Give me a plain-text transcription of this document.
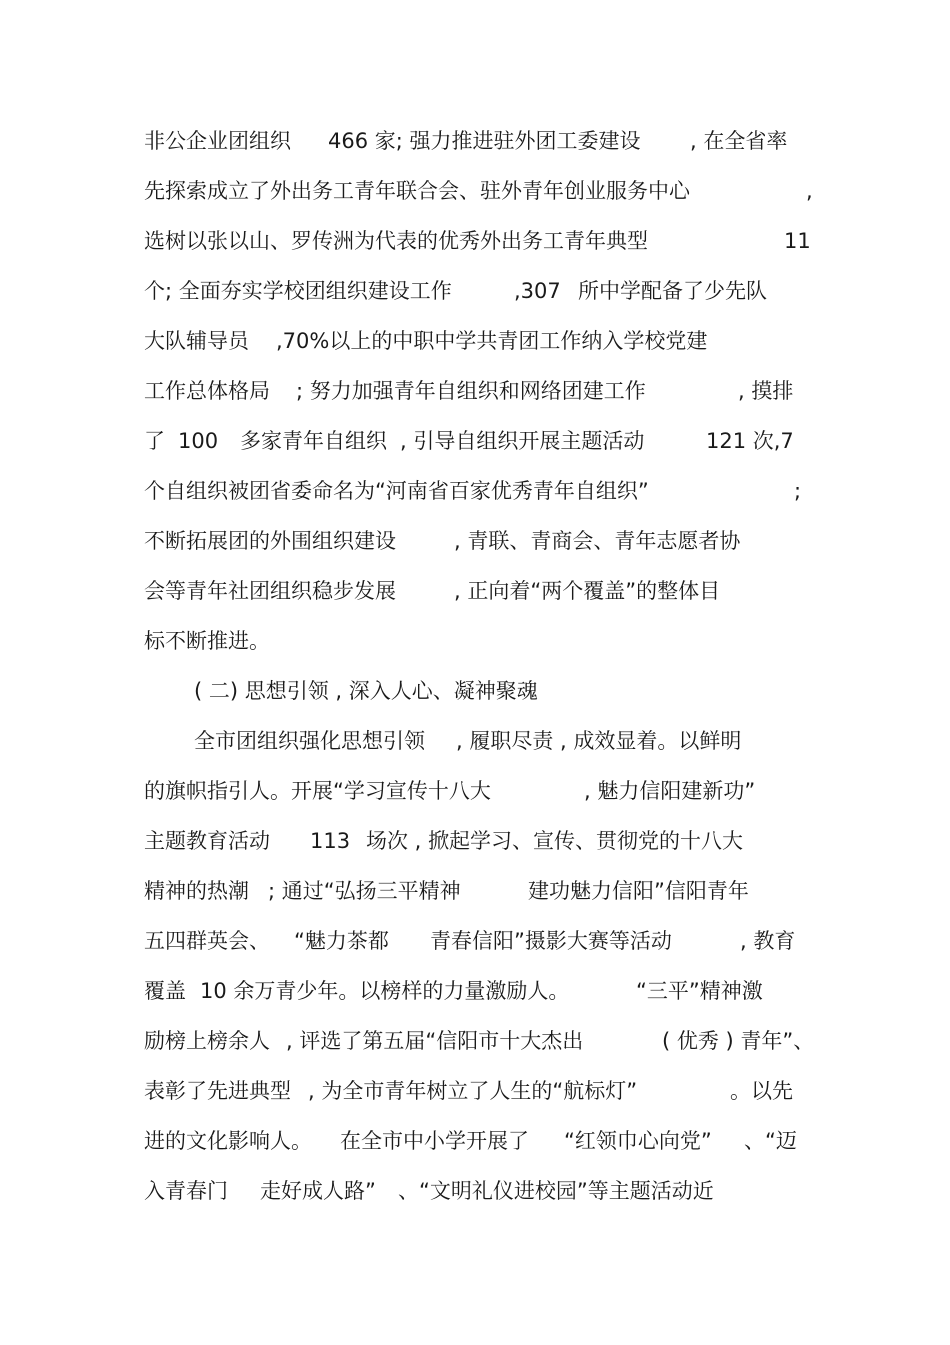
非公企业团组织 466 家; 强力推进驻外团工委建设 , 在全省率
先探索成立了外出务工青年联合会、驻外青年创业服务中心	,
选树以张以山、罗传洲为代表的优秀外出务工青年典型	11
个; 全面夯实学校团组织建设工作	,307 所中学配备了少先队
大队辅导员 ,70%以上的中职中学共青团工作纳入学校党建
工作总体格局 ; 努力加强青年自组织和网络团建工作	, 摸排
了 100 多家青年自组织 , 引导自组织开展主题活动	121 次,7
个自组织被团省委命名为“河南省百家优秀青年自组织”	;
不断拓展团的外围组织建设	, 青联、青商会、青年志愿者协
会等青年社团组织稳步发展	, 正向着“两个覆盖”的整体目
标不断推进。
( 二) 思想引领 , 深入人心、凝神聚魂
全市团组织强化思想引领 , 履职尽责 , 成效显着。以鲜明
的旗帜指引人。开展“学习宣传十八大	, 魅力信阳建新功”
主题教育活动 113 场次 , 掀起学习、宣传、贯彻党的十八大
精神的热潮 ; 通过“弘扬三平精神	建功魅力信阳”信阳青年
五四群英会、 “魅力茶都 青春信阳”摄影大赛等活动	, 教育
覆盖 10 余万青少年。以榜样的力量激励人。	“三平”精神激
励榜上榜余人 , 评选了第五届“信阳市十大杰出	( 优秀 ) 青年”、
表彰了先进典型 , 为全市青年树立了人生的“航标灯”	。以先
进的文化影响人。 在全市中小学开展了 “红领巾心向党” 、“迈
入青春门 走好成人路” 、“文明礼仪进校园”等主题活动近
